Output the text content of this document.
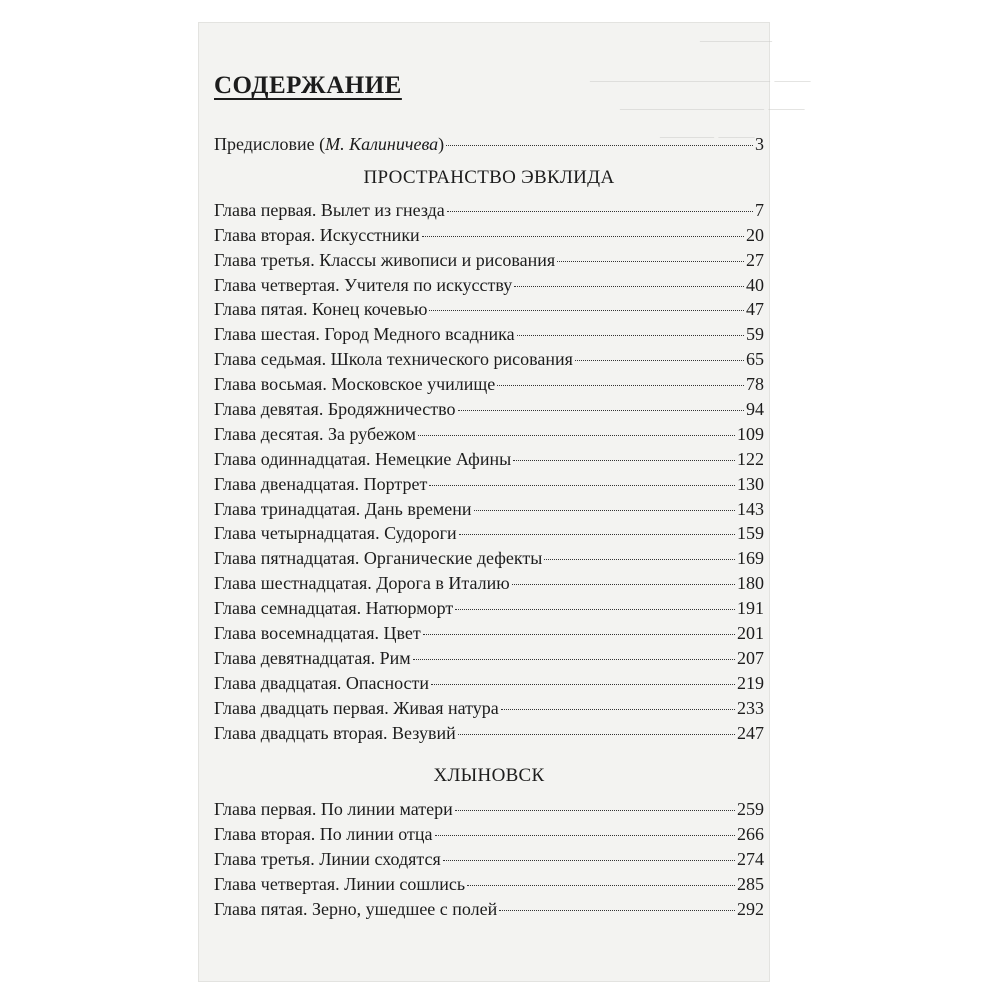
—————————— ——
———————— ——
——— ——
————
СОДЕРЖАНИЕ
Предисловие (М. Калиничева)	3
ПРОСТРАНСТВО ЭВКЛИДА
Глава первая. Вылет из гнезда	7
Глава вторая. Искусстники	20
Глава третья. Классы живописи и рисования	27
Глава четвертая. Учителя по искусству	40
Глава пятая. Конец кочевью	47
Глава шестая. Город Медного всадника	59
Глава седьмая. Школа технического рисования	65
Глава восьмая. Московское училище	78
Глава девятая. Бродяжничество	94
Глава десятая. За рубежом	109
Глава одиннадцатая. Немецкие Афины	122
Глава двенадцатая. Портрет	130
Глава тринадцатая. Дань времени	143
Глава четырнадцатая. Судороги	159
Глава пятнадцатая. Органические дефекты	169
Глава шестнадцатая. Дорога в Италию	180
Глава семнадцатая. Натюрморт	191
Глава восемнадцатая. Цвет	201
Глава девятнадцатая. Рим	207
Глава двадцатая. Опасности	219
Глава двадцать первая. Живая натура	233
Глава двадцать вторая. Везувий	247
ХЛЫНОВСК
Глава первая. По линии матери	259
Глава вторая. По линии отца	266
Глава третья. Линии сходятся	274
Глава четвертая. Линии сошлись	285
Глава пятая. Зерно, ушедшее с полей	292
